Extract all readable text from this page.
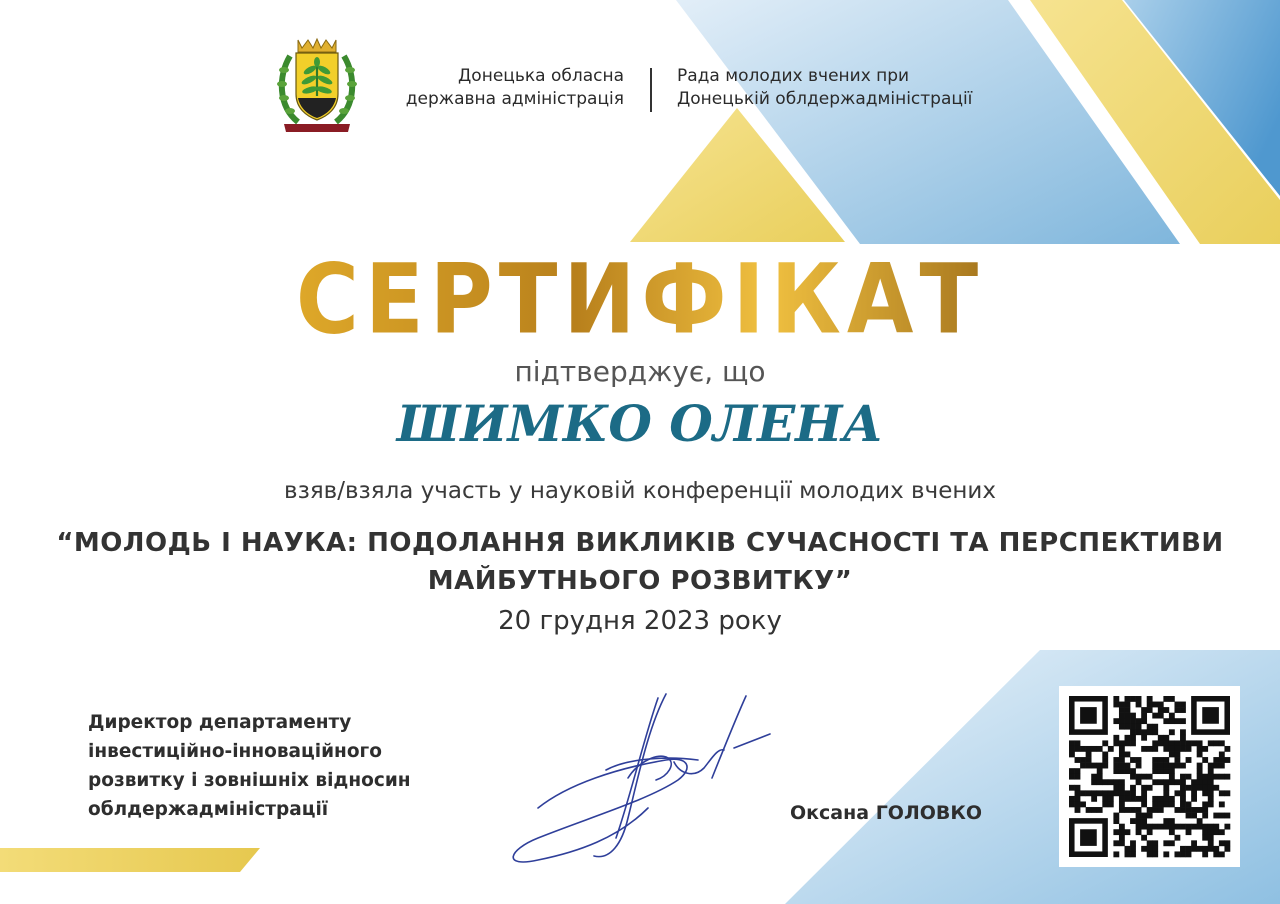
Донецька обласна
державна адміністрація
Рада молодих вчених при
Донецькій облдержадміністрації
СЕРТИФІКАТ
підтверджує, що
ШИМКО ОЛЕНА
взяв/взяла участь у науковій конференції молодих вчених
“МОЛОДЬ І НАУКА: ПОДОЛАННЯ ВИКЛИКІВ СУЧАСНОСТІ ТА ПЕРСПЕКТИВИ
МАЙБУТНЬОГО РОЗВИТКУ”
20 грудня 2023 року
Директор департаменту
інвестиційно-інноваційного
розвитку і зовнішніх відносин
облдержадміністрації	Оксана ГОЛОВКО
